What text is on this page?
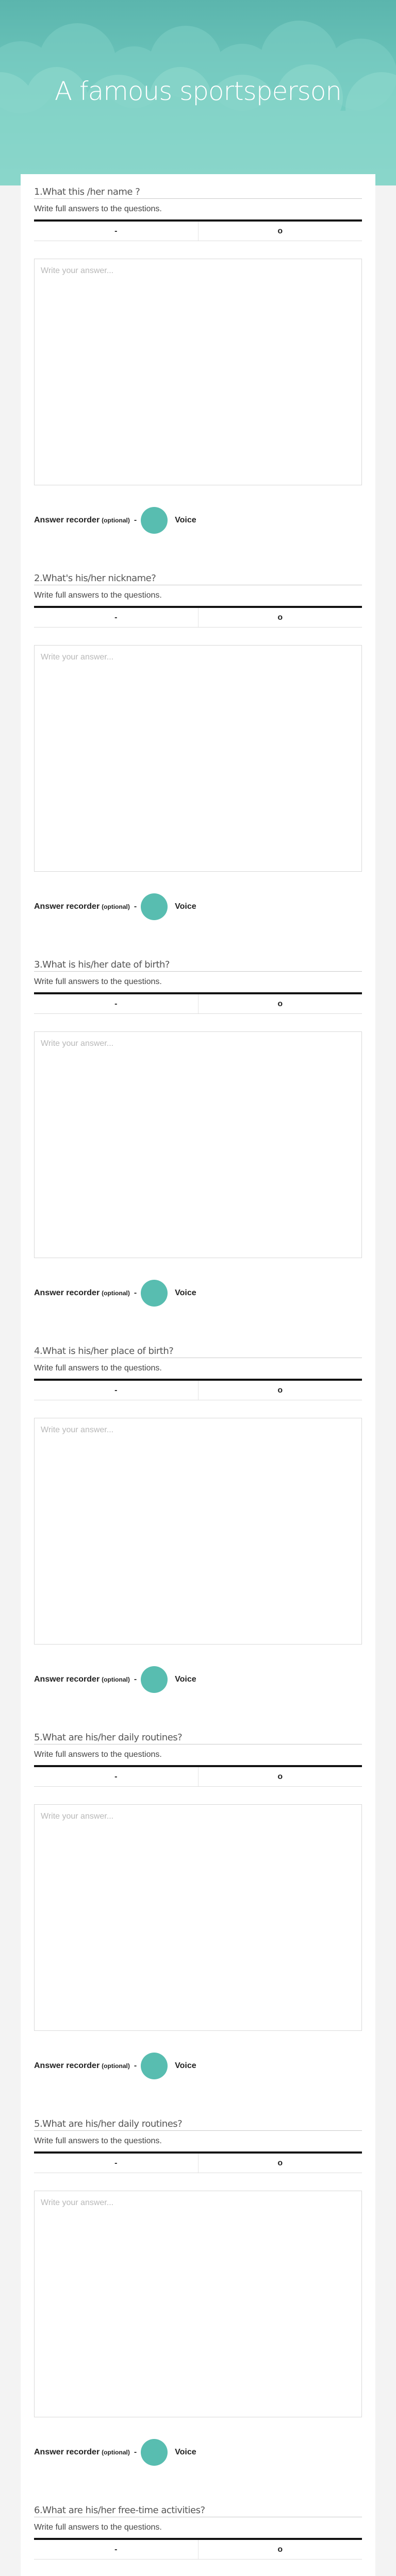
A famous sportsperson
1.What this /her name ?
Write full answers to the questions.
-	o
Write your answer...
Answer recorder (optional) -	Voice
2.What's his/her nickname?
Write full answers to the questions.
-	o
Write your answer...
Answer recorder (optional) -	Voice
3.What is his/her date of birth?
Write full answers to the questions.
-	o
Write your answer...
Answer recorder (optional) -	Voice
4.What is his/her place of birth?
Write full answers to the questions.
-	o
Write your answer...
Answer recorder (optional) -	Voice
5.What are his/her daily routines?
Write full answers to the questions.
-	o
Write your answer...
Answer recorder (optional) -	Voice
5.What are his/her daily routines?
Write full answers to the questions.
-	o
Write your answer...
Answer recorder (optional) -	Voice
6.What are his/her free-time activities?
Write full answers to the questions.
-	o
